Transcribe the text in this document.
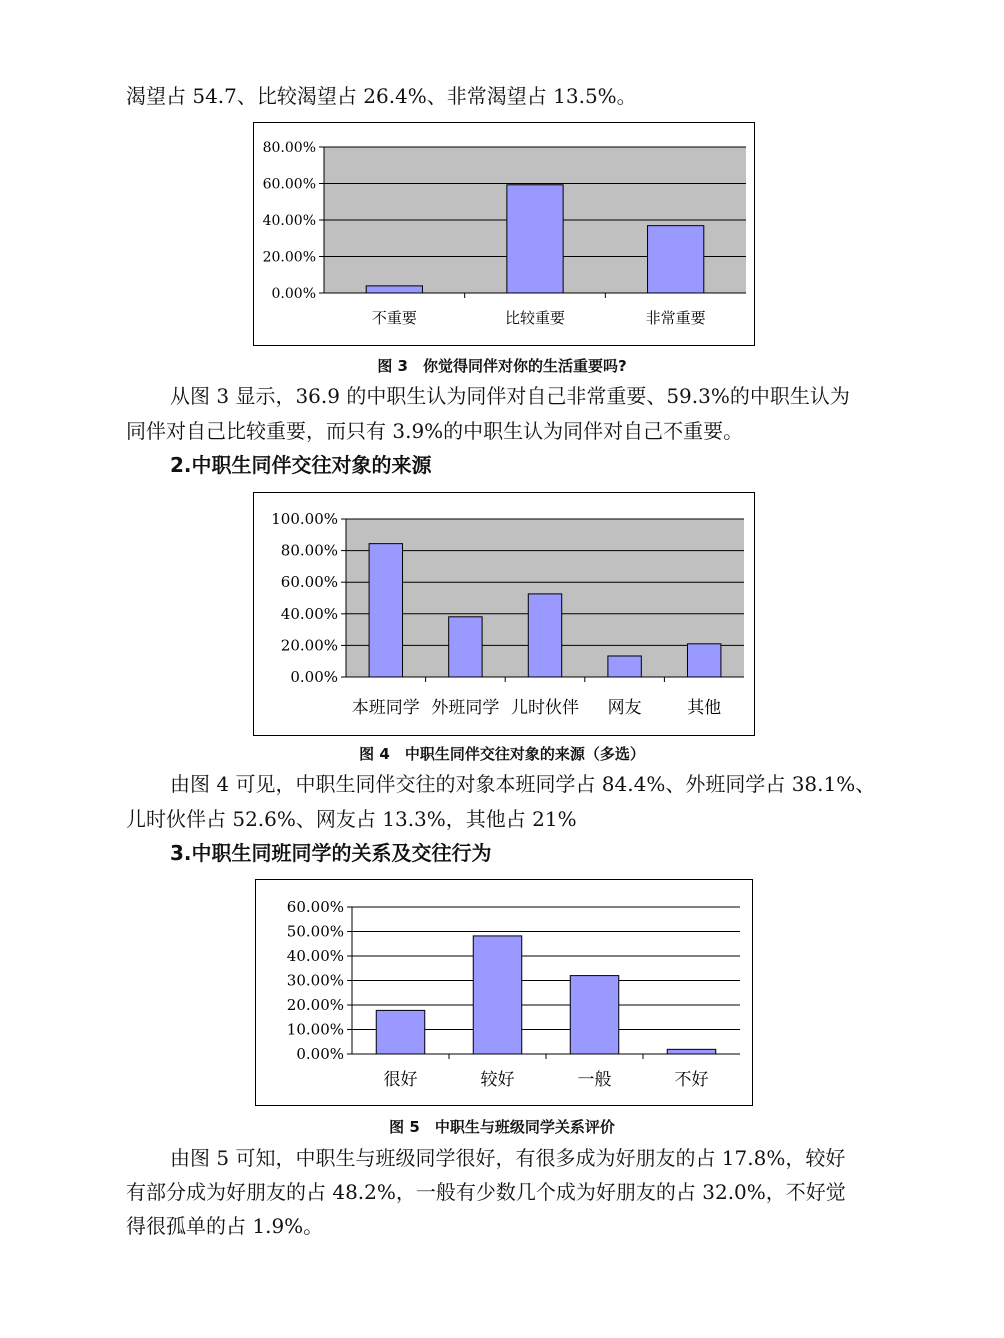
渴望占 54.7、比较渴望占 26.4%、非常渴望占 13.5%。
0.00%
20.00%
40.00%
60.00%
80.00%
不重要	比较重要	非常重要
图 3　你觉得同伴对你的生活重要吗?
从图 3 显示，36.9 的中职生认为同伴对自己非常重要、59.3%的中职生认为
同伴对自己比较重要，而只有 3.9%的中职生认为同伴对自己不重要。
2.中职生同伴交往对象的来源
0.00%
20.00%
40.00%
60.00%
80.00%
100.00%
本班同学 外班同学 儿时伙伴 网友	其他
图 4　中职生同伴交往对象的来源（多选）
由图 4 可见，中职生同伴交往的对象本班同学占 84.4%、外班同学占 38.1%、
儿时伙伴占 52.6%、网友占 13.3%，其他占 21%
3.中职生同班同学的关系及交往行为
0.00%
10.00%
20.00%
30.00%
40.00%
50.00%
60.00%
很好	较好	一般	不好
图 5　中职生与班级同学关系评价
由图 5 可知，中职生与班级同学很好，有很多成为好朋友的占 17.8%，较好
有部分成为好朋友的占 48.2%，一般有少数几个成为好朋友的占 32.0%，不好觉
得很孤单的占 1.9%。
